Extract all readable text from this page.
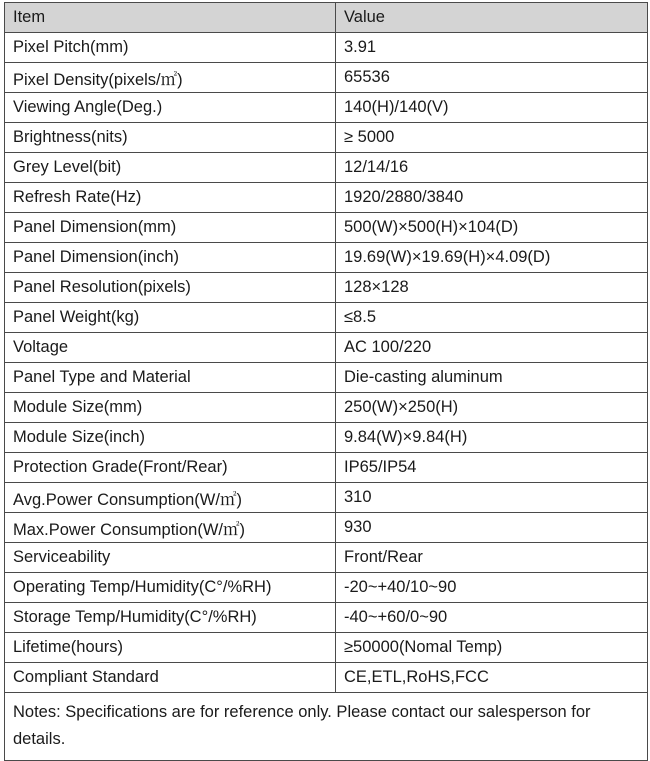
Item	Value
Pixel Pitch(mm)	3.91
Pixel Density(pixels/㎡)	65536
Viewing Angle(Deg.)	140(H)/140(V)
Brightness(nits)	≥ 5000
Grey Level(bit)	12/14/16
Refresh Rate(Hz)	1920/2880/3840
Panel Dimension(mm)	500(W)×500(H)×104(D)
Panel Dimension(inch)	19.69(W)×19.69(H)×4.09(D)
Panel Resolution(pixels)	128×128
Panel Weight(kg)	≤8.5
Voltage	AC 100/220
Panel Type and Material	Die-casting aluminum
Module Size(mm)	250(W)×250(H)
Module Size(inch)	9.84(W)×9.84(H)
Protection Grade(Front/Rear)	IP65/IP54
Avg.Power Consumption(W/㎡)	310
Max.Power Consumption(W/㎡)	930
Serviceability	Front/Rear
Operating Temp/Humidity(C°/%RH)	-20~+40/10~90
Storage Temp/Humidity(C°/%RH)	-40~+60/0~90
Lifetime(hours)	≥50000(Nomal Temp)
Compliant Standard	CE,ETL,RoHS,FCC
Notes: Specifications are for reference only. Please contact our salesperson for details.	
